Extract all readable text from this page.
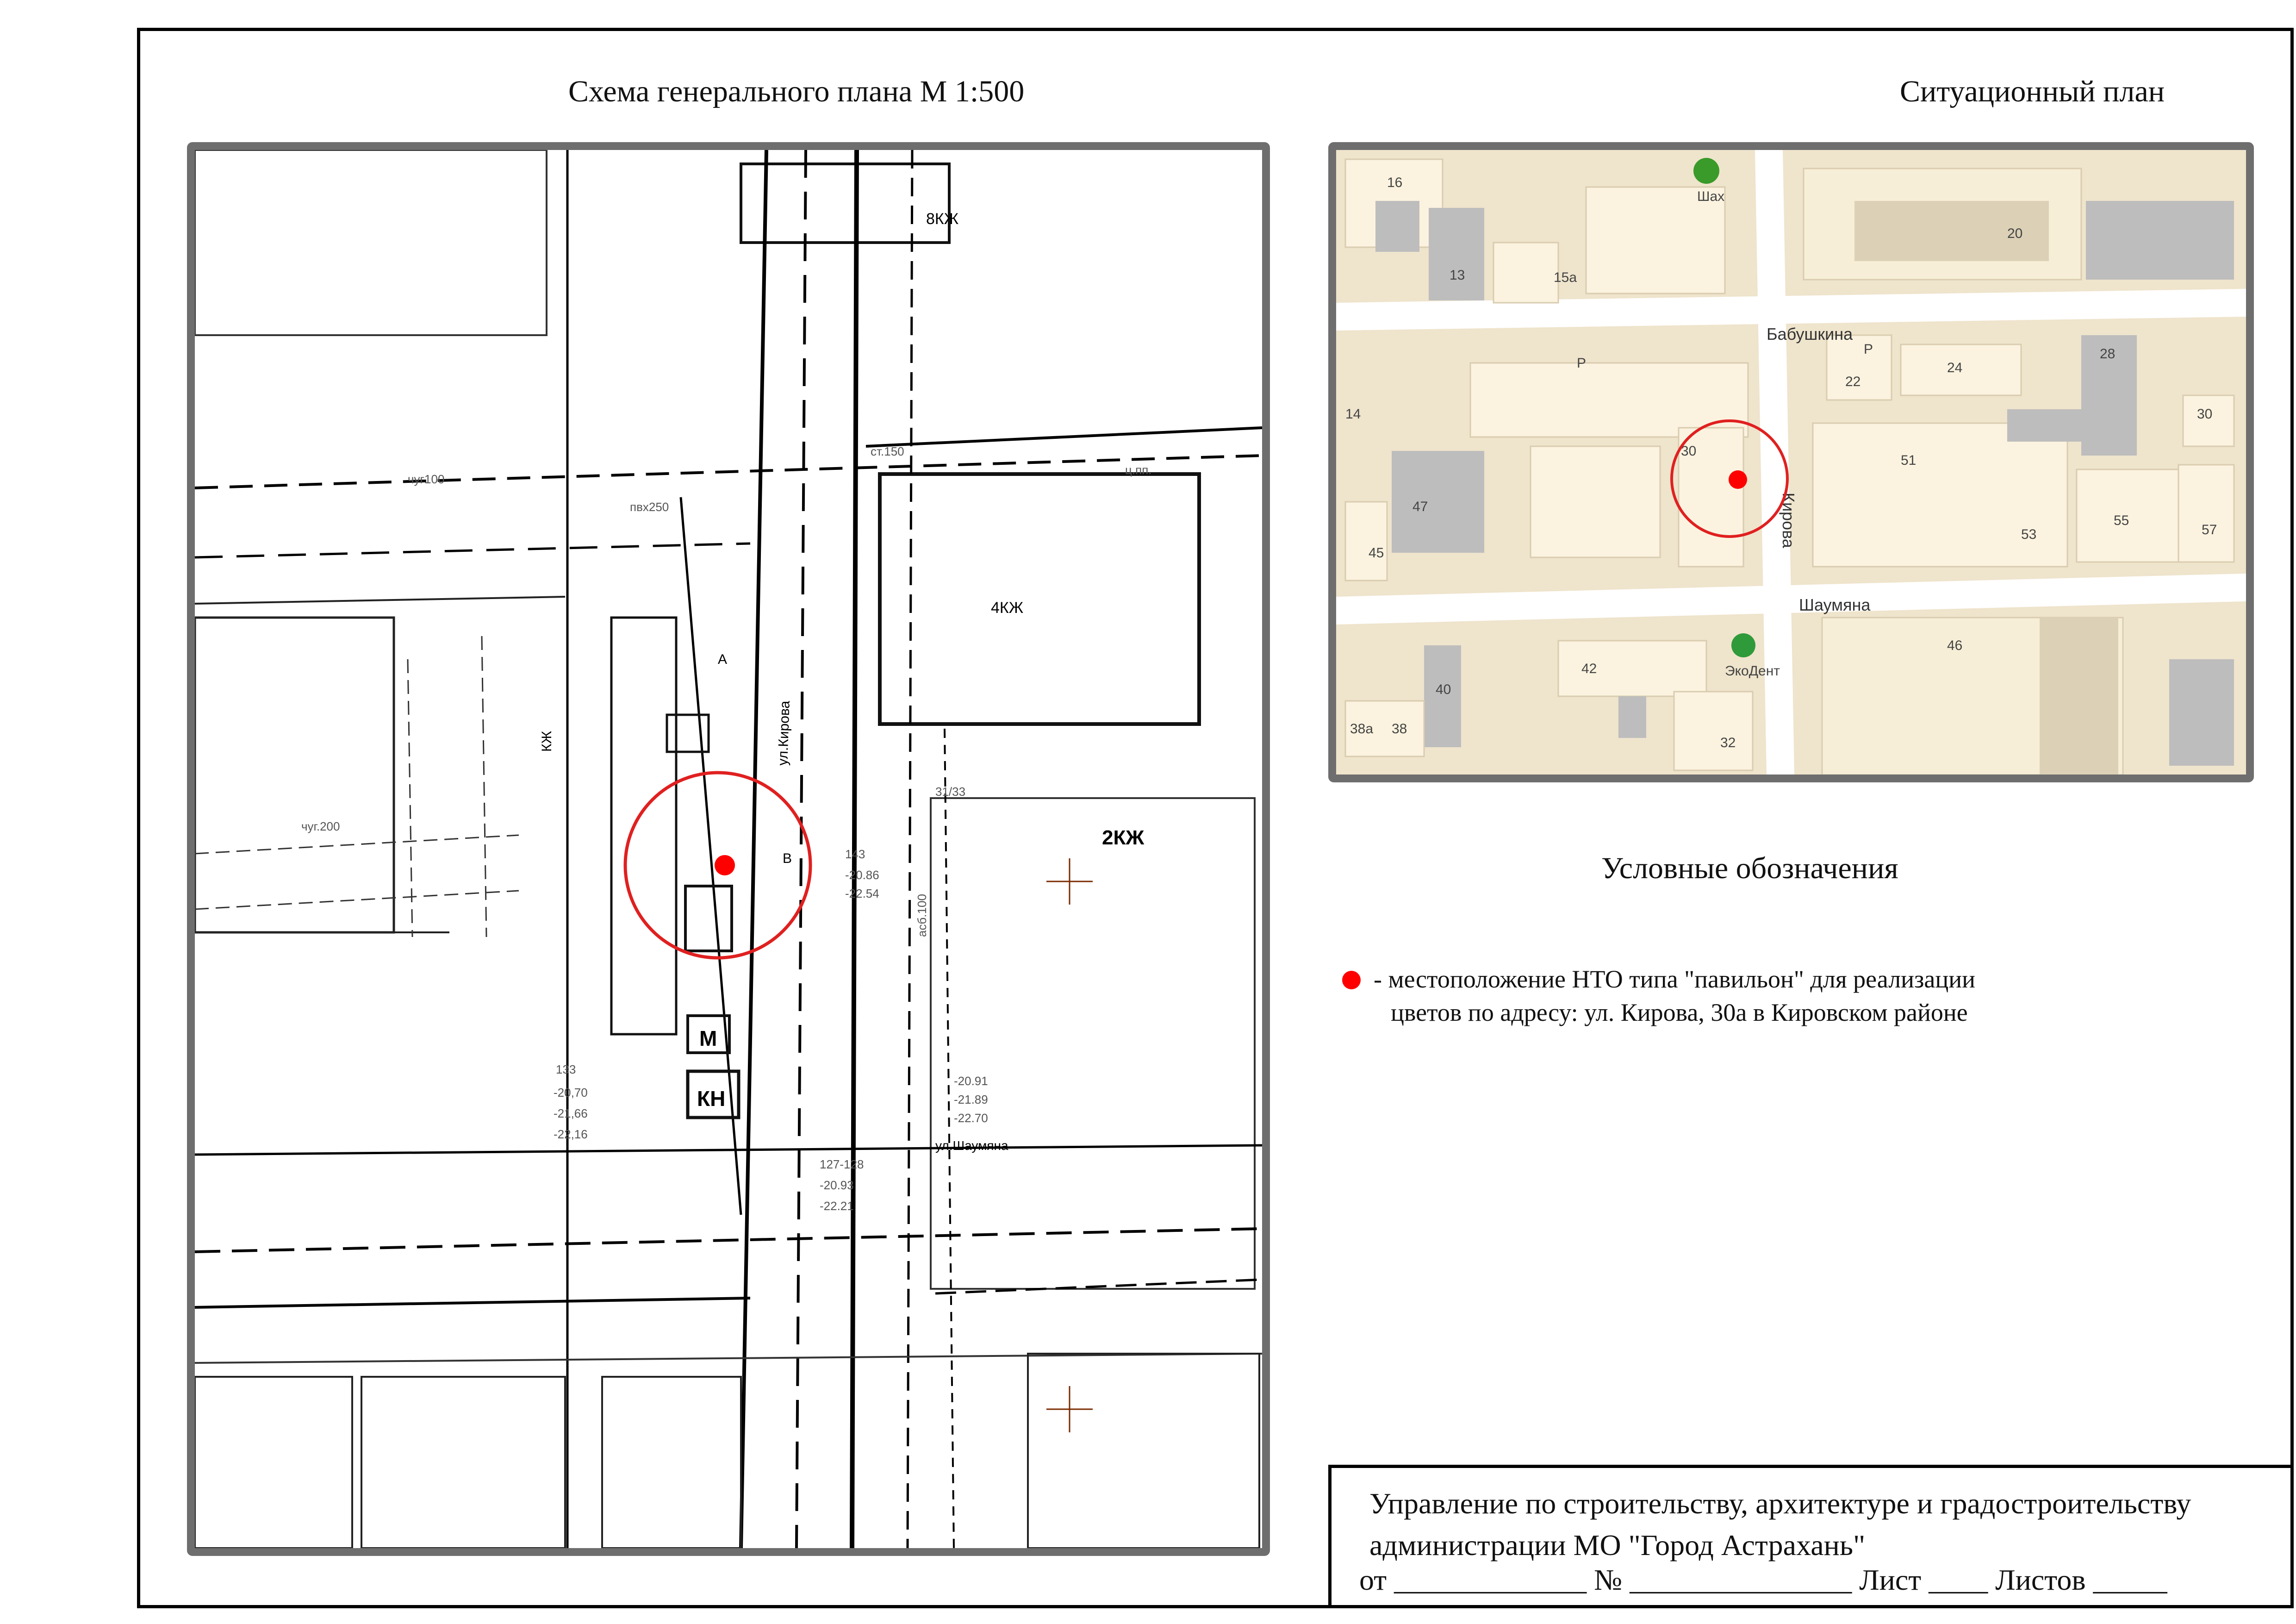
Схема генерального плана М 1:500
КН
М
4КЖ
2КЖ
8КЖ
КЖ
А
В
ул.Кирова
ул.Шаумяна
133
-20,70
-21,66
-22,16
143
-20.86
-22.54
127-128
-20.93
-22.21
-20.91
-21.89
-22.70
31/33
чуг100
пвх250
ст.150
ц.пп.
чуг.200
асб.100
Ситуационный план
16
13	15а
20
14
22
24
28
30
30
51
47
45
55
53	57
42
40
38а 38
32
46
Р
Р
Бабушкина
Шаумяна
Кирова
Шах
ЭкоДент
Условные обозначения
- местоположение НТО типа "павильон" для реализации
цветов по адресу: ул. Кирова, 30а в Кировском районе
Управление по строительству, архитектуре и градостроительству
администрации МО "Город Астрахань"
от _____________ № _______________ Лист ____ Листов _____
